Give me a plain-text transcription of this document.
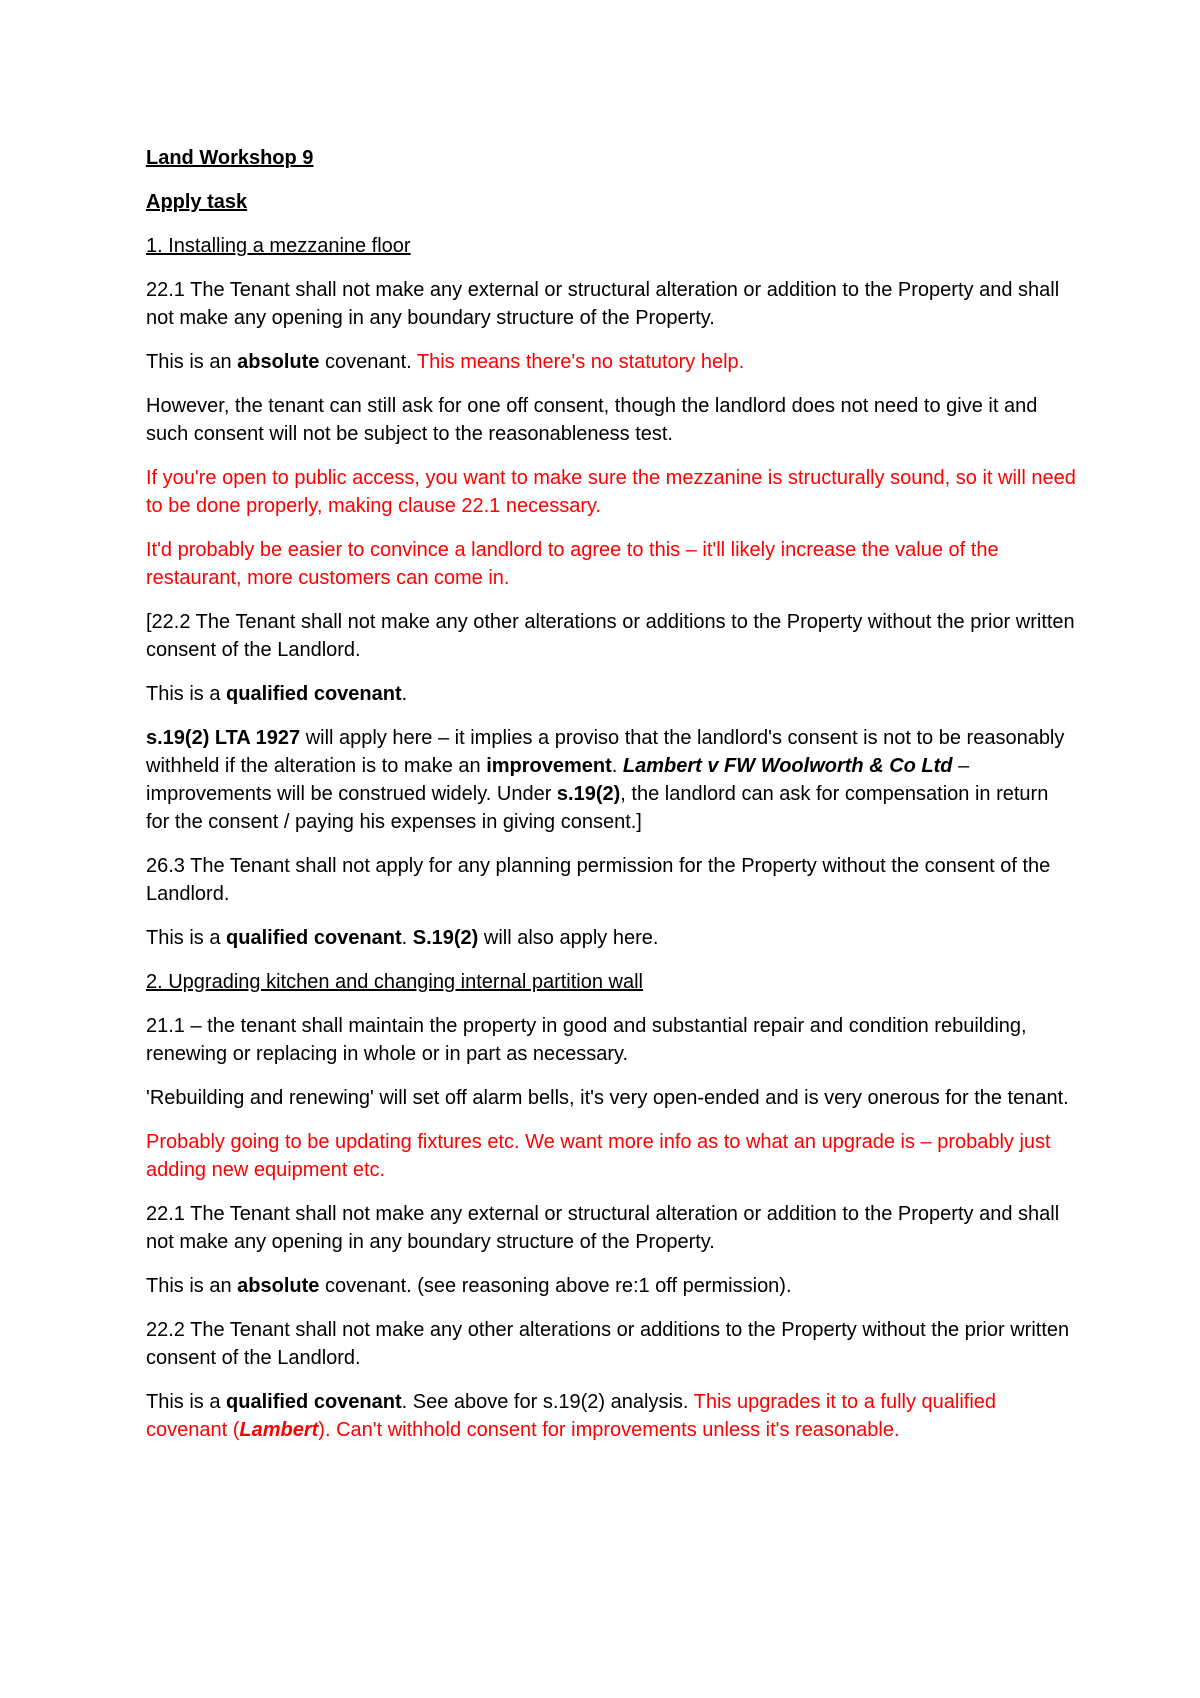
Land Workshop 9

Apply task

1. Installing a mezzanine floor

22.1 The Tenant shall not make any external or structural alteration or addition to the Property and shall not make any opening in any boundary structure of the Property.

This is an absolute covenant. This means there's no statutory help.

However, the tenant can still ask for one off consent, though the landlord does not need to give it and such consent will not be subject to the reasonableness test.

If you're open to public access, you want to make sure the mezzanine is structurally sound, so it will need to be done properly, making clause 22.1 necessary.

It'd probably be easier to convince a landlord to agree to this – it'll likely increase the value of the restaurant, more customers can come in.

[22.2 The Tenant shall not make any other alterations or additions to the Property without the prior written consent of the Landlord.

This is a qualified covenant.

s.19(2) LTA 1927 will apply here – it implies a proviso that the landlord's consent is not to be reasonably withheld if the alteration is to make an improvement. Lambert v FW Woolworth & Co Ltd – improvements will be construed widely. Under s.19(2), the landlord can ask for compensation in return for the consent / paying his expenses in giving consent.]

26.3 The Tenant shall not apply for any planning permission for the Property without the consent of the Landlord.

This is a qualified covenant. S.19(2) will also apply here.

2. Upgrading kitchen and changing internal partition wall

21.1 – the tenant shall maintain the property in good and substantial repair and condition rebuilding, renewing or replacing in whole or in part as necessary.

'Rebuilding and renewing' will set off alarm bells, it's very open-ended and is very onerous for the tenant.

Probably going to be updating fixtures etc. We want more info as to what an upgrade is – probably just adding new equipment etc.

22.1 The Tenant shall not make any external or structural alteration or addition to the Property and shall not make any opening in any boundary structure of the Property.

This is an absolute covenant. (see reasoning above re:1 off permission).

22.2 The Tenant shall not make any other alterations or additions to the Property without the prior written consent of the Landlord.

This is a qualified covenant. See above for s.19(2) analysis. This upgrades it to a fully qualified covenant (Lambert). Can't withhold consent for improvements unless it's reasonable.
